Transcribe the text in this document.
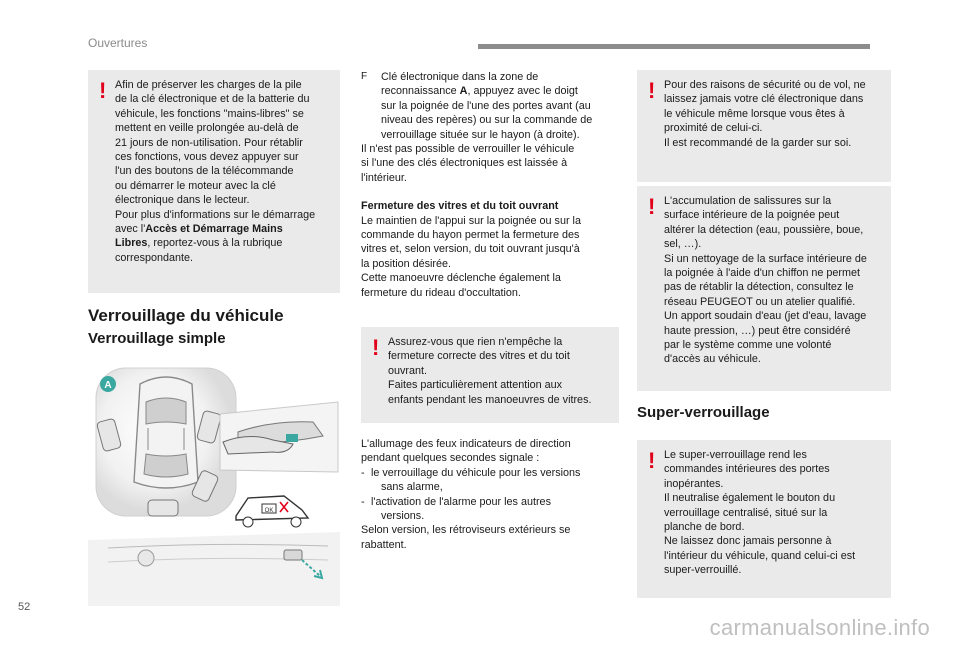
Ouvertures
! Afin de préserver les charges de la pile

de la clé électronique et de la batterie du

véhicule, les fonctions "mains-libres" se

mettent en veille prolongée au-delà de

21 jours de non-utilisation. Pour rétablir

ces fonctions, vous devez appuyer sur

l'un des boutons de la télécommande

ou démarrer le moteur avec la clé

électronique dans le lecteur.

Pour plus d'informations sur le démarrage

avec l'Accès et Démarrage Mains

Libres, reportez-vous à la rubrique

correspondante.

Verrouillage du véhicule
Verrouillage simple
A
OK
F	Clé électronique dans la zone de
reconnaissance A, appuyez avec le doigt
sur la poignée de l'une des portes avant (au
niveau des repères) ou sur la commande de
verrouillage située sur le hayon (à droite).
Il n'est pas possible de verrouiller le véhicule
si l'une des clés électroniques est laissée à
l'intérieur.
Fermeture des vitres et du toit ouvrant
Le maintien de l'appui sur la poignée ou sur la
commande du hayon permet la fermeture des
vitres et, selon version, du toit ouvrant jusqu'à
la position désirée.
Cette manoeuvre déclenche également la
fermeture du rideau d'occultation.
! Assurez-vous que rien n'empêche la

fermeture correcte des vitres et du toit

ouvrant.

Faites particulièrement attention aux

enfants pendant les manoeuvres de vitres.

L'allumage des feux indicateurs de direction
pendant quelques secondes signale :
- le verrouillage du véhicule pour les versions
sans alarme,
- l'activation de l'alarme pour les autres
versions.
Selon version, les rétroviseurs extérieurs se
rabattent.
! Pour des raisons de sécurité ou de vol, ne

laissez jamais votre clé électronique dans

le véhicule même lorsque vous êtes à

proximité de celui-ci.

Il est recommandé de la garder sur soi.

! L'accumulation de salissures sur la

surface intérieure de la poignée peut

altérer la détection (eau, poussière, boue,

sel, …).

Si un nettoyage de la surface intérieure de

la poignée à l'aide d'un chiffon ne permet

pas de rétablir la détection, consultez le

réseau PEUGEOT ou un atelier qualifié.

Un apport soudain d'eau (jet d'eau, lavage

haute pression, …) peut être considéré

par le système comme une volonté

d'accès au véhicule.

Super-verrouillage
! Le super-verrouillage rend les

commandes intérieures des portes

inopérantes.

Il neutralise également le bouton du

verrouillage centralisé, situé sur la

planche de bord.

Ne laissez donc jamais personne à

l'intérieur du véhicule, quand celui-ci est

super-verrouillé.

52
carmanualsonline.info
